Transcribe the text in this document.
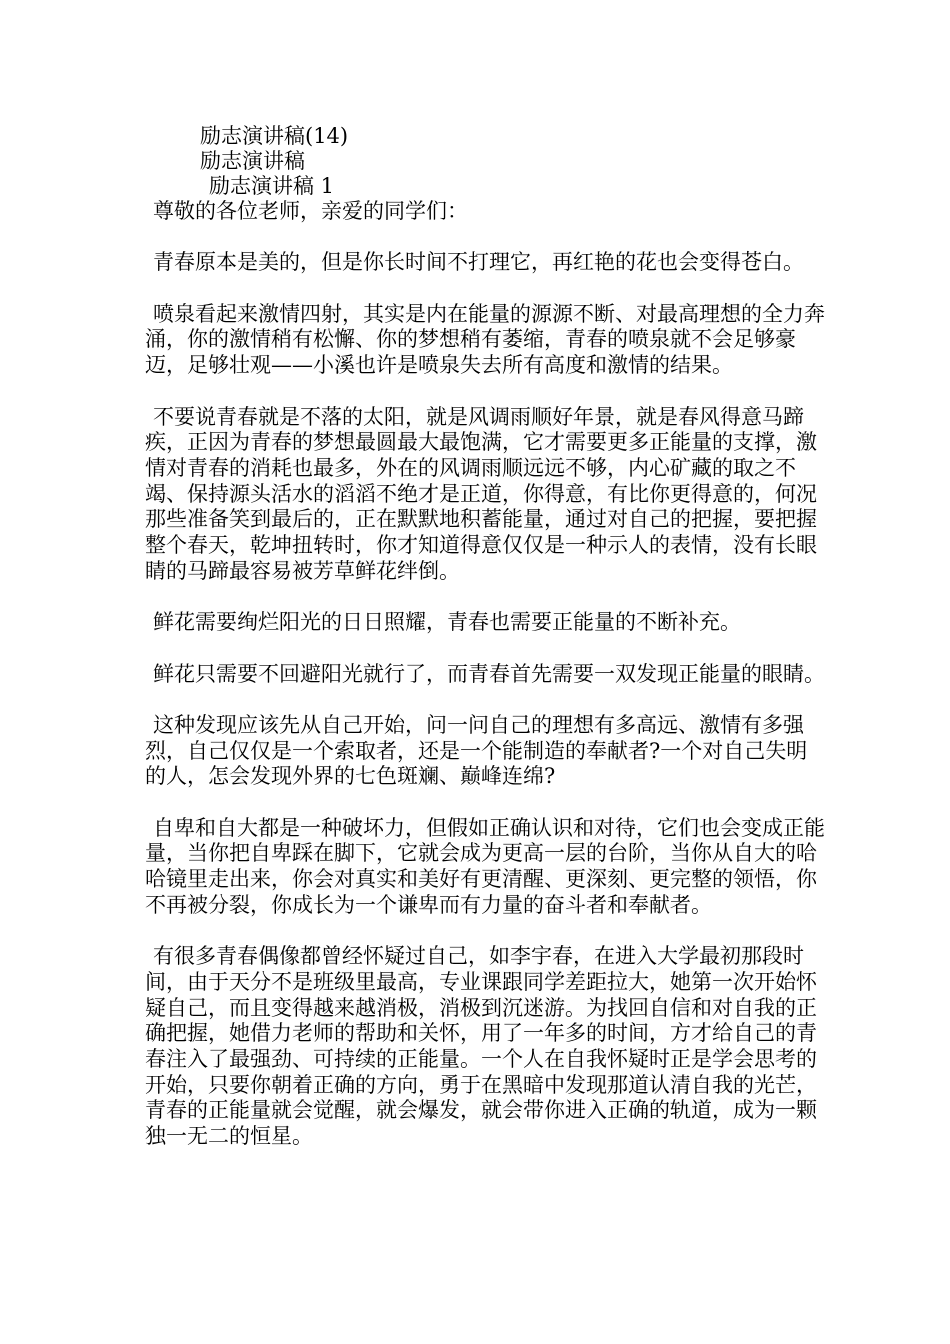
励志演讲稿(14)
励志演讲稿
励志演讲稿 1

尊敬的各位老师，亲爱的同学们：

青春原本是美的，但是你长时间不打理它，再红艳的花也会变得苍白。

喷泉看起来激情四射，其实是内在能量的源源不断、对最高理想的全力奔涌，你的激情稍有松懈、你的梦想稍有萎缩，青春的喷泉就不会足够豪迈，足够壮观——小溪也许是喷泉失去所有高度和激情的结果。

不要说青春就是不落的太阳，就是风调雨顺好年景，就是春风得意马蹄疾，正因为青春的梦想最圆最大最饱满，它才需要更多正能量的支撑，激情对青春的消耗也最多，外在的风调雨顺远远不够，内心矿藏的取之不竭、保持源头活水的滔滔不绝才是正道，你得意，有比你更得意的，何况那些准备笑到最后的，正在默默地积蓄能量，通过对自己的把握，要把握整个春天，乾坤扭转时，你才知道得意仅仅是一种示人的表情，没有长眼睛的马蹄最容易被芳草鲜花绊倒。

鲜花需要绚烂阳光的日日照耀，青春也需要正能量的不断补充。

鲜花只需要不回避阳光就行了，而青春首先需要一双发现正能量的眼睛。

这种发现应该先从自己开始，问一问自己的理想有多高远、激情有多强烈，自己仅仅是一个索取者，还是一个能制造的奉献者?一个对自己失明的人，怎会发现外界的七色斑斓、巅峰连绵?

自卑和自大都是一种破坏力，但假如正确认识和对待，它们也会变成正能量，当你把自卑踩在脚下，它就会成为更高一层的台阶，当你从自大的哈哈镜里走出来，你会对真实和美好有更清醒、更深刻、更完整的领悟，你不再被分裂，你成长为一个谦卑而有力量的奋斗者和奉献者。

有很多青春偶像都曾经怀疑过自己，如李宇春，在进入大学最初那段时间，由于天分不是班级里最高，专业课跟同学差距拉大，她第一次开始怀疑自己，而且变得越来越消极，消极到沉迷游。为找回自信和对自我的正确把握，她借力老师的帮助和关怀，用了一年多的时间，方才给自己的青春注入了最强劲、可持续的正能量。一个人在自我怀疑时正是学会思考的开始，只要你朝着正确的方向，勇于在黑暗中发现那道认清自我的光芒，青春的正能量就会觉醒，就会爆发，就会带你进入正确的轨道，成为一颗独一无二的恒星。
